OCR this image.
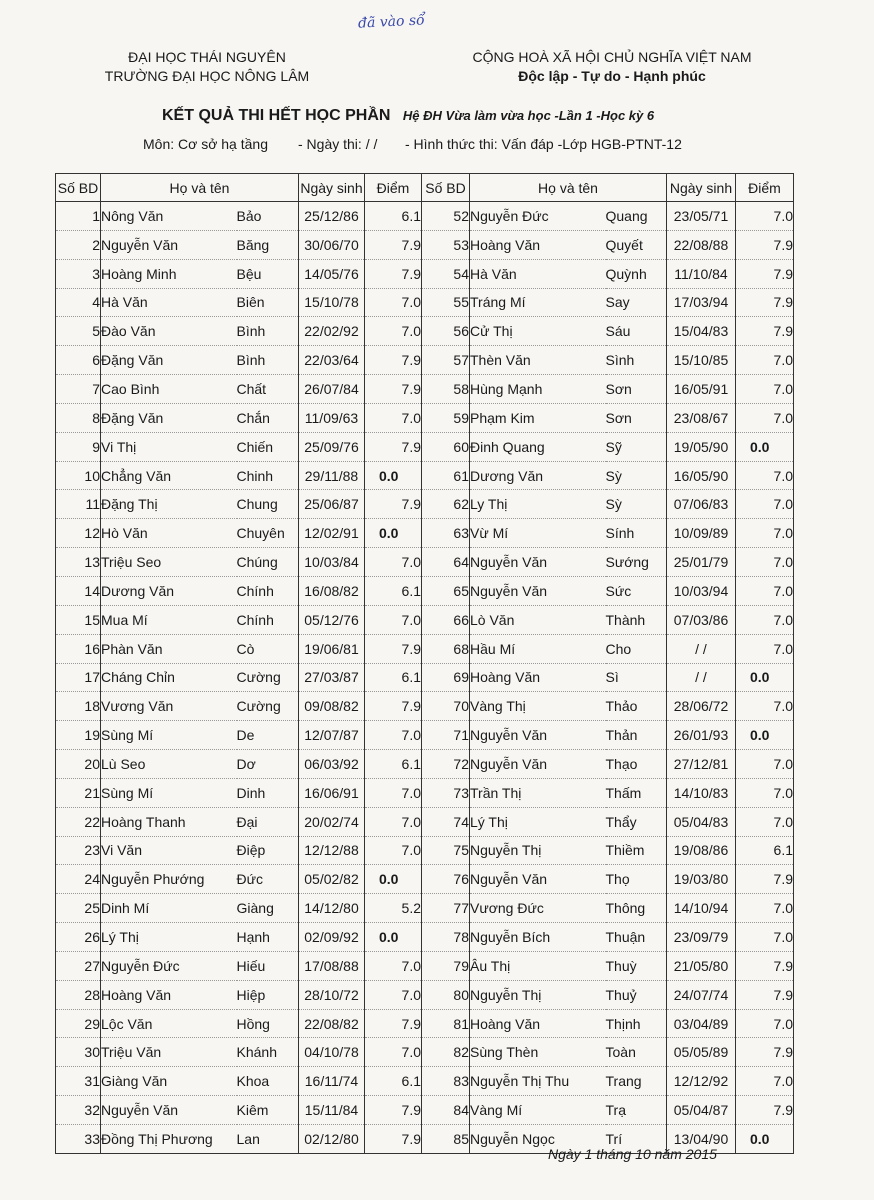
đã vào sổ
ĐẠI HỌC THÁI NGUYÊN
TRƯỜNG ĐẠI HỌC NÔNG LÂM
CỘNG HOÀ XÃ HỘI CHỦ NGHĨA VIỆT NAM
Độc lập - Tự do - Hạnh phúc
KẾT QUẢ THI HẾT HỌC PHẦN Hệ ĐH Vừa làm vừa học -Lần 1 -Học kỳ 6
Môn: Cơ sở hạ tầng - Ngày thi: / / - Hình thức thi: Vấn đáp -Lớp HGB-PTNT-12
Số BD	Họ và tên		Ngày sinh	Điểm	Số BD	Họ và tên		Ngày sinh	Điểm
1	Nông Văn	Bảo	25/12/86	6.1	52	Nguyễn Đức	Quang	23/05/71	7.0
2	Nguyễn Văn	Băng	30/06/70	7.9	53	Hoàng Văn	Quyết	22/08/88	7.9
3	Hoàng Minh	Bệu	14/05/76	7.9	54	Hà Văn	Quỳnh	11/10/84	7.9
4	Hà Văn	Biên	15/10/78	7.0	55	Tráng Mí	Say	17/03/94	7.9
5	Đào Văn	Bình	22/02/92	7.0	56	Cử Thị	Sáu	15/04/83	7.9
6	Đặng Văn	Bình	22/03/64	7.9	57	Thèn Văn	Sình	15/10/85	7.0
7	Cao Bình	Chất	26/07/84	7.9	58	Hùng Mạnh	Sơn	16/05/91	7.0
8	Đặng Văn	Chắn	11/09/63	7.0	59	Phạm Kim	Sơn	23/08/67	7.0
9	Vi Thị	Chiến	25/09/76	7.9	60	Đinh Quang	Sỹ	19/05/90	0.0
10	Chẳng Văn	Chinh	29/11/88	0.0	61	Dương Văn	Sỳ	16/05/90	7.0
11	Đặng Thị	Chung	25/06/87	7.9	62	Ly Thị	Sỳ	07/06/83	7.0
12	Hò Văn	Chuyên	12/02/91	0.0	63	Vừ Mí	Sính	10/09/89	7.0
13	Triệu Seo	Chúng	10/03/84	7.0	64	Nguyễn Văn	Sướng	25/01/79	7.0
14	Dương Văn	Chính	16/08/82	6.1	65	Nguyễn Văn	Sức	10/03/94	7.0
15	Mua Mí	Chính	05/12/76	7.0	66	Lò Văn	Thành	07/03/86	7.0
16	Phàn Văn	Cò	19/06/81	7.9	68	Hầu Mí	Cho	/ /	7.0
17	Cháng Chỉn	Cường	27/03/87	6.1	69	Hoàng Văn	Sì	/ /	0.0
18	Vương Văn	Cường	09/08/82	7.9	70	Vàng Thị	Thảo	28/06/72	7.0
19	Sùng Mí	De	12/07/87	7.0	71	Nguyễn Văn	Thản	26/01/93	0.0
20	Lù Seo	Dơ	06/03/92	6.1	72	Nguyễn Văn	Thạo	27/12/81	7.0
21	Sùng Mí	Dinh	16/06/91	7.0	73	Trần Thị	Thấm	14/10/83	7.0
22	Hoàng Thanh	Đại	20/02/74	7.0	74	Lý Thị	Thẩy	05/04/83	7.0
23	Vi Văn	Điệp	12/12/88	7.0	75	Nguyễn Thị	Thiềm	19/08/86	6.1
24	Nguyễn Phướng	Đức	05/02/82	0.0	76	Nguyễn Văn	Thọ	19/03/80	7.9
25	Dinh Mí	Giàng	14/12/80	5.2	77	Vương Đức	Thông	14/10/94	7.0
26	Lý Thị	Hạnh	02/09/92	0.0	78	Nguyễn Bích	Thuận	23/09/79	7.0
27	Nguyễn Đức	Hiếu	17/08/88	7.0	79	Âu Thị	Thuỳ	21/05/80	7.9
28	Hoàng Văn	Hiệp	28/10/72	7.0	80	Nguyễn Thị	Thuỷ	24/07/74	7.9
29	Lộc Văn	Hồng	22/08/82	7.9	81	Hoàng Văn	Thịnh	03/04/89	7.0
30	Triệu Văn	Khánh	04/10/78	7.0	82	Sùng Thèn	Toàn	05/05/89	7.9
31	Giàng Văn	Khoa	16/11/74	6.1	83	Nguyễn Thị Thu	Trang	12/12/92	7.0
32	Nguyễn Văn	Kiêm	15/11/84	7.9	84	Vàng Mí	Trạ	05/04/87	7.9
33	Đồng Thị Phương	Lan	02/12/80	7.9	85	Nguyễn Ngọc	Trí	13/04/90	0.0
Ngày 1 tháng 10 năm 2015
